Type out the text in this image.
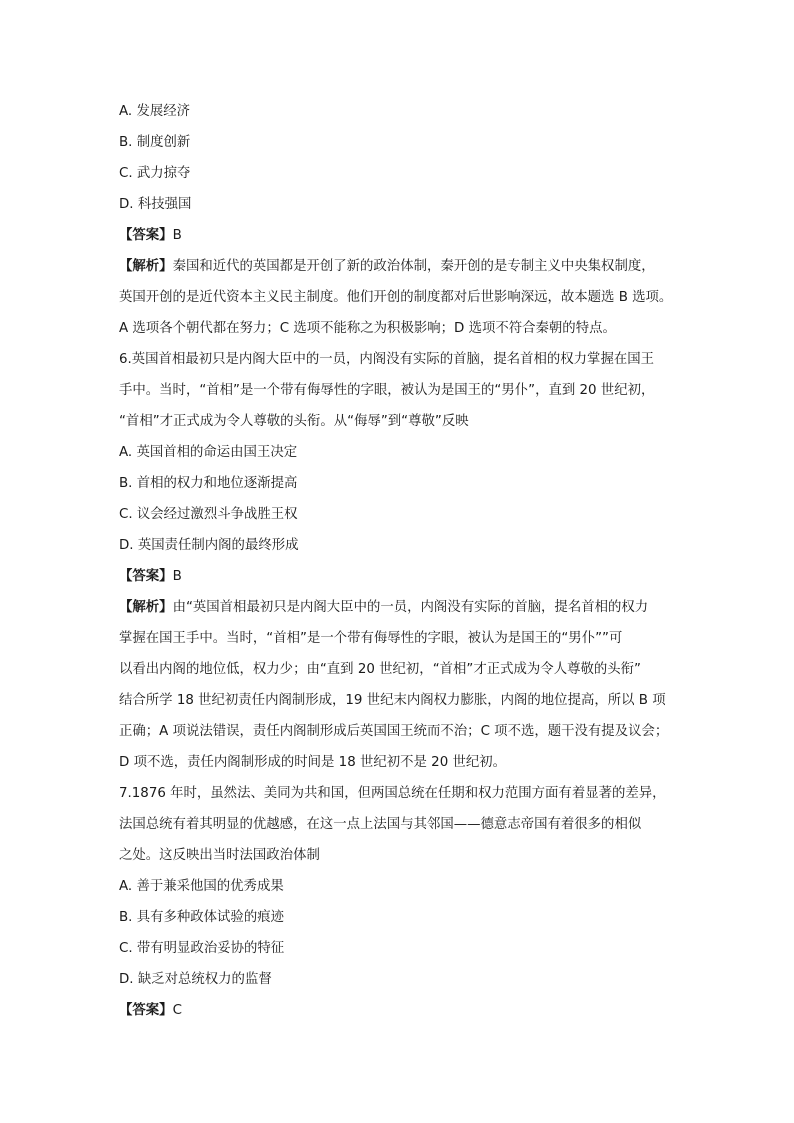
A. 发展经济
B. 制度创新
C. 武力掠夺
D. 科技强国
【答案】B
【解析】秦国和近代的英国都是开创了新的政治体制，秦开创的是专制主义中央集权制度，
英国开创的是近代资本主义民主制度。他们开创的制度都对后世影响深远，故本题选 B 选项。
A 选项各个朝代都在努力；C 选项不能称之为积极影响；D 选项不符合秦朝的特点。
6.英国首相最初只是内阁大臣中的一员，内阁没有实际的首脑，提名首相的权力掌握在国王
手中。当时，“首相”是一个带有侮辱性的字眼，被认为是国王的“男仆”，直到 20 世纪初，
“首相”才正式成为令人尊敬的头衔。从“侮辱”到“尊敬”反映
A. 英国首相的命运由国王决定
B. 首相的权力和地位逐渐提高
C. 议会经过激烈斗争战胜王权
D. 英国责任制内阁的最终形成
【答案】B
【解析】由“英国首相最初只是内阁大臣中的一员，内阁没有实际的首脑，提名首相的权力
掌握在国王手中。当时，“首相”是一个带有侮辱性的字眼，被认为是国王的“男仆””可
以看出内阁的地位低，权力少；由“直到 20 世纪初，“首相”才正式成为令人尊敬的头衔”
结合所学 18 世纪初责任内阁制形成，19 世纪末内阁权力膨胀，内阁的地位提高，所以 B 项
正确；A 项说法错误，责任内阁制形成后英国国王统而不治；C 项不选，题干没有提及议会；
D 项不选，责任内阁制形成的时间是 18 世纪初不是 20 世纪初。
7.1876 年时，虽然法、美同为共和国，但两国总统在任期和权力范围方面有着显著的差异，
法国总统有着其明显的优越感，在这一点上法国与其邻国——德意志帝国有着很多的相似
之处。这反映出当时法国政治体制
A. 善于兼采他国的优秀成果
B. 具有多种政体试验的痕迹
C. 带有明显政治妥协的特征
D. 缺乏对总统权力的监督
【答案】C
